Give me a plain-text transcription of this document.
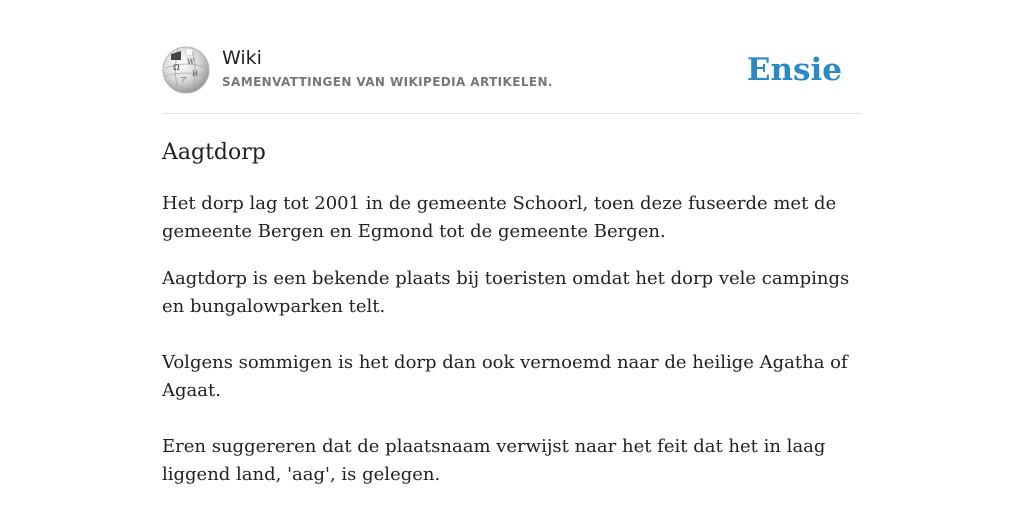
Ω
W
И
ア
Wiki
SAMENVATTINGEN VAN WIKIPEDIA ARTIKELEN.	Ensie
Aagtdorp

Het dorp lag tot 2001 in de gemeente Schoorl, toen deze fuseerde met de gemeente Bergen en Egmond tot de gemeente Bergen.

Aagtdorp is een bekende plaats bij toeristen omdat het dorp vele campings en bungalowparken telt.

Volgens sommigen is het dorp dan ook vernoemd naar de heilige Agatha of Agaat.

Eren suggereren dat de plaatsnaam verwijst naar het feit dat het in laag liggend land, 'aag', is gelegen.
